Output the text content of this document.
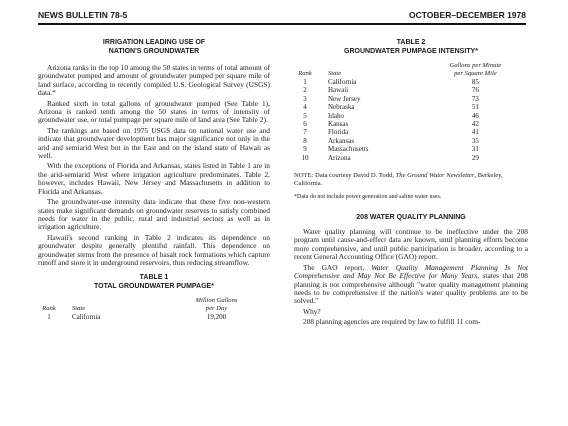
NEWS BULLETIN 78-5	OCTOBER–DECEMBER 1978
IRRIGATION LEADING USE OF
NATION'S GROUNDWATER

Arizona ranks in the top 10 among the 50 states in terms of total amount of groundwater pumped and amount of groundwater pumped per square mile of land surface, according to recently compiled U.S. Geological Survey (USGS) data.*

Ranked sixth in total gallons of groundwater pumped (See Table 1), Arizona is ranked tenth among the 50 states in terms of intensity of groundwater use, or total pumpage per square mile of land area (See Table 2).

The rankings are based on 1975 USGS data on national water use and indicate that groundwater development has major significance not only in the arid and semiarid West but in the East and on the island state of Hawaii as well.

With the exceptions of Florida and Arkansas, states listed in Table 1 are in the arid-semiarid West where irrigation agriculture predominates. Table 2, however, includes Hawaii, New Jersey and Massachusetts in addition to Florida and Arkansas.

The groundwater-use intensity data indicate that these five non-western states make significant demands on groundwater reserves to satisfy combined needs for water in the public, rural and industrial sectors as well as in irrigation agriculture.

Hawaii's second ranking in Table 2 indicates its dependence on groundwater despite generally plentiful rainfall. This dependence on groundwater stems from the presence of basalt rock formations which capture runoff and store it in underground reservoirs, thus reducing streamflow.

TABLE 1
TOTAL GROUNDWATER PUMPAGE*
Rank	State	Million Gallons
per Day

1	California	19,200
TABLE 2
GROUNDWATER PUMPAGE INTENSITY*
Rank	State	Gallons per Minute
per Square Mile

1	California	85
2	Hawaii	76
3	New Jersey	73
4	Nebraska	51
5	Idaho	46
6	Kansas	42
7	Florida	41
8	Arkansas	35
9	Massachusetts	31
10	Arizona	29

NOTE: Data courtesy David D. Todd, The Ground Water Newsletter, Berkeley, California.

*Data do not include power generation and saline water uses.

208 WATER QUALITY PLANNING

Water quality planning will continue to be ineffective under the 208 program until cause-and-effect data are known, until planning efforts become more comprehensive, and until public participation is broader, according to a recent General Accounting Office (GAO) report.

The GAO report, Water Quality Management Planning Is Not Comprehensive and May Not Be Effective for Many Years, states that 208 planning is not comprehensive although "water quality management planning needs to be comprehensive if the nation's water quality problems are to be solved."

Why?

208 planning agencies are required by law to fulfill 11 com-
